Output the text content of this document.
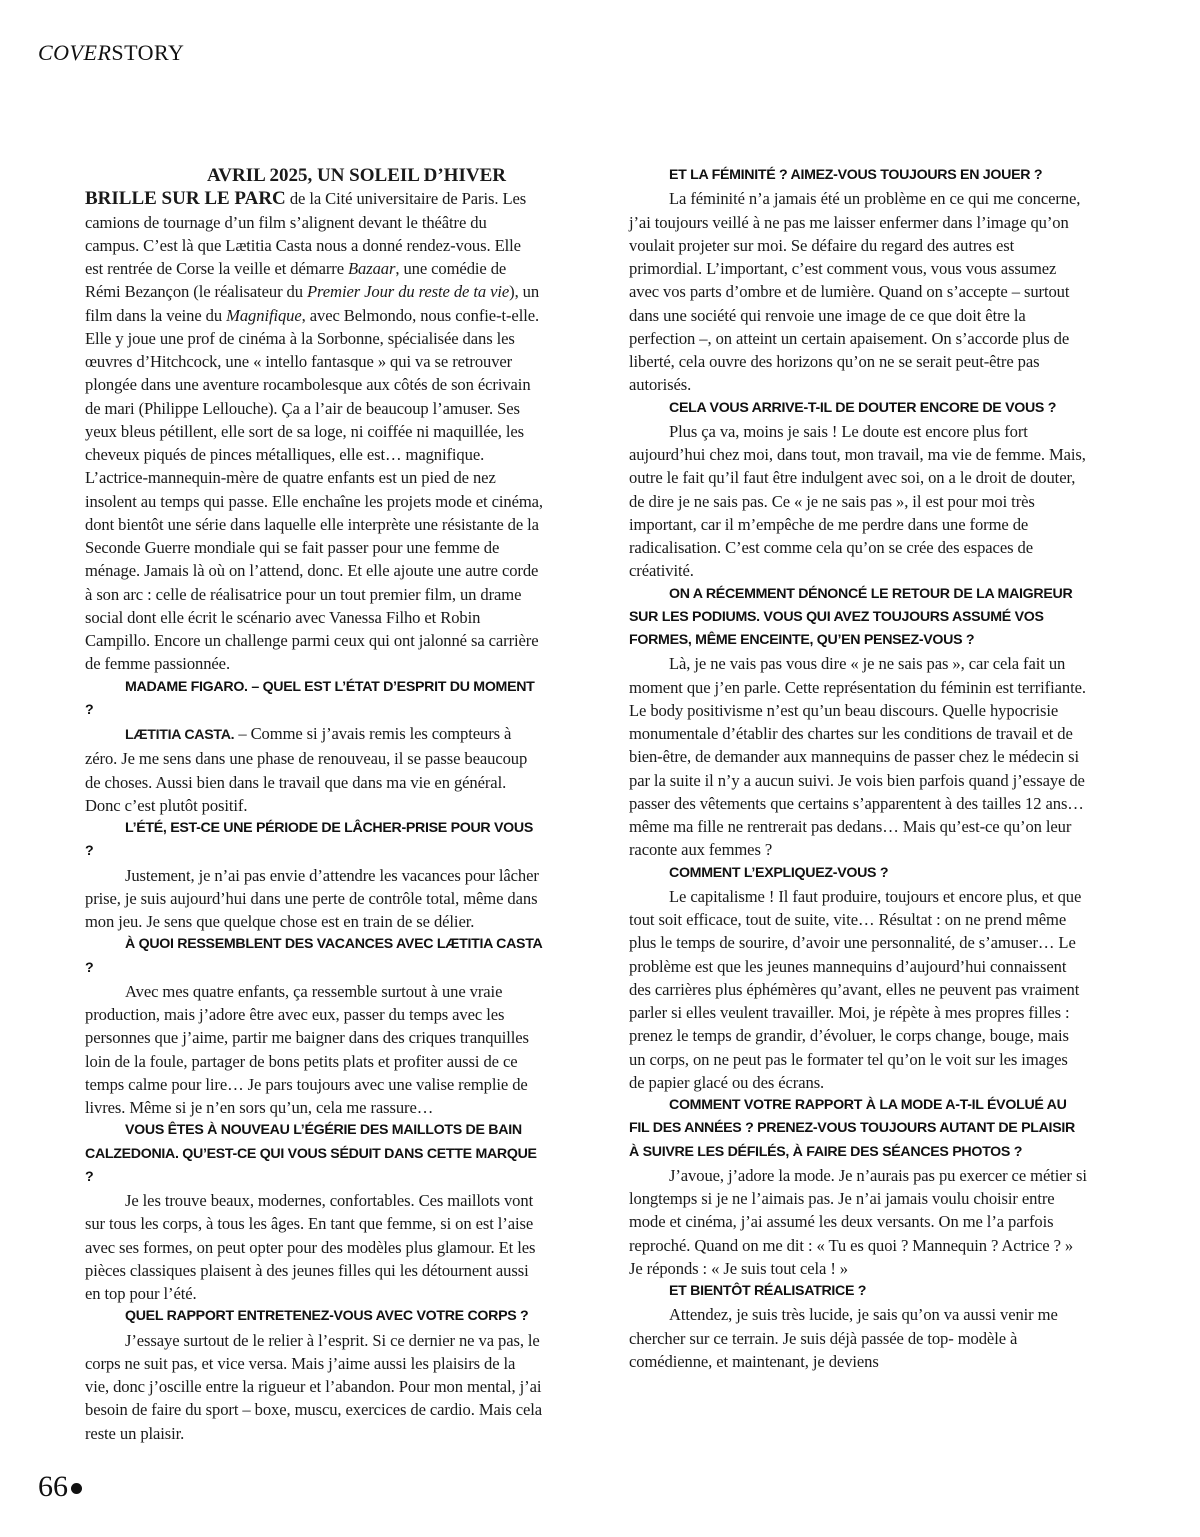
COVERSTORY

AVRIL 2025, UN SOLEIL D’HIVER

BRILLE SUR LE PARC de la Cité universitaire de Paris. Les camions de tournage d’un film s’alignent devant le théâtre du campus. C’est là que Lætitia Casta nous a donné rendez-vous. Elle est rentrée de Corse la veille et démarre Bazaar, une comédie de Rémi Bezançon (le réalisateur du Premier Jour du reste de ta vie), un film dans la veine du Magnifique, avec Belmondo, nous confie-t-elle. Elle y joue une prof de cinéma à la Sorbonne, spécialisée dans les œuvres d’Hitchcock, une « intello fantasque » qui va se retrouver plongée dans une aventure rocambolesque aux côtés de son écrivain de mari (Philippe Lellouche). Ça a l’air de beaucoup l’amuser. Ses yeux bleus pétillent, elle sort de sa loge, ni coiffée ni maquillée, les cheveux piqués de pinces métalliques, elle est… magnifique. L’actrice-mannequin-mère de quatre enfants est un pied de nez insolent au temps qui passe. Elle enchaîne les projets mode et cinéma, dont bientôt une série dans laquelle elle interprète une résistante de la Seconde Guerre mondiale qui se fait passer pour une femme de ménage. Jamais là où on l’attend, donc. Et elle ajoute une autre corde à son arc : celle de réalisatrice pour un tout premier film, un drame social dont elle écrit le scénario avec Vanessa Filho et Robin Campillo. Encore un challenge parmi ceux qui ont jalonné sa carrière de femme passionnée.

MADAME FIGARO. – QUEL EST L’ÉTAT D’ESPRIT DU MOMENT ?

LÆTITIA CASTA. – Comme si j’avais remis les compteurs à zéro. Je me sens dans une phase de renouveau, il se passe beaucoup de choses. Aussi bien dans le travail que dans ma vie en général. Donc c’est plutôt positif.

L’ÉTÉ, EST-CE UNE PÉRIODE DE LÂCHER-PRISE POUR VOUS ?

Justement, je n’ai pas envie d’attendre les vacances pour lâcher prise, je suis aujourd’hui dans une perte de contrôle total, même dans mon jeu. Je sens que quelque chose est en train de se délier.

À QUOI RESSEMBLENT DES VACANCES AVEC LÆTITIA CASTA ?

Avec mes quatre enfants, ça ressemble surtout à une vraie production, mais j’adore être avec eux, passer du temps avec les personnes que j’aime, partir me baigner dans des criques tranquilles loin de la foule, partager de bons petits plats et profiter aussi de ce temps calme pour lire… Je pars toujours avec une valise remplie de livres. Même si je n’en sors qu’un, cela me rassure…

VOUS ÊTES À NOUVEAU L’ÉGÉRIE DES MAILLOTS DE BAIN CALZEDONIA. QU’EST-CE QUI VOUS SÉDUIT DANS CETTE MARQUE ?

Je les trouve beaux, modernes, confortables. Ces maillots vont sur tous les corps, à tous les âges. En tant que femme, si on est l’aise avec ses formes, on peut opter pour des modèles plus glamour. Et les pièces classiques plaisent à des jeunes filles qui les détournent aussi en top pour l’été.

QUEL RAPPORT ENTRETENEZ-VOUS AVEC VOTRE CORPS ?

J’essaye surtout de le relier à l’esprit. Si ce dernier ne va pas, le corps ne suit pas, et vice versa. Mais j’aime aussi les plaisirs de la vie, donc j’oscille entre la rigueur et l’abandon. Pour mon mental, j’ai besoin de faire du sport – boxe, muscu, exercices de cardio. Mais cela reste un plaisir.

ET LA FÉMINITÉ ? AIMEZ-VOUS TOUJOURS EN JOUER ?

La féminité n’a jamais été un problème en ce qui me concerne, j’ai toujours veillé à ne pas me laisser enfermer dans l’image qu’on voulait projeter sur moi. Se défaire du regard des autres est primordial. L’important, c’est comment vous, vous vous assumez avec vos parts d’ombre et de lumière. Quand on s’accepte – surtout dans une société qui renvoie une image de ce que doit être la perfection –, on atteint un certain apaisement. On s’accorde plus de liberté, cela ouvre des horizons qu’on ne se serait peut-être pas autorisés.

CELA VOUS ARRIVE-T-IL DE DOUTER ENCORE DE VOUS ?

Plus ça va, moins je sais ! Le doute est encore plus fort aujourd’hui chez moi, dans tout, mon travail, ma vie de femme. Mais, outre le fait qu’il faut être indulgent avec soi, on a le droit de douter, de dire je ne sais pas. Ce « je ne sais pas », il est pour moi très important, car il m’empêche de me perdre dans une forme de radicalisation. C’est comme cela qu’on se crée des espaces de créativité.

ON A RÉCEMMENT DÉNONCÉ LE RETOUR DE LA MAIGREUR SUR LES PODIUMS. VOUS QUI AVEZ TOUJOURS ASSUMÉ VOS FORMES, MÊME ENCEINTE, QU’EN PENSEZ-VOUS ?

Là, je ne vais pas vous dire « je ne sais pas », car cela fait un moment que j’en parle. Cette représentation du féminin est terrifiante. Le body positivisme n’est qu’un beau discours. Quelle hypocrisie monumentale d’établir des chartes sur les conditions de travail et de bien-être, de demander aux mannequins de passer chez le médecin si par la suite il n’y a aucun suivi. Je vois bien parfois quand j’essaye de passer des vêtements que certains s’apparentent à des tailles 12 ans… même ma fille ne rentrerait pas dedans… Mais qu’est-ce qu’on leur raconte aux femmes ?

COMMENT L’EXPLIQUEZ-VOUS ?

Le capitalisme ! Il faut produire, toujours et encore plus, et que tout soit efficace, tout de suite, vite… Résultat : on ne prend même plus le temps de sourire, d’avoir une personnalité, de s’amuser… Le problème est que les jeunes mannequins d’aujourd’hui connaissent des carrières plus éphémères qu’avant, elles ne peuvent pas vraiment parler si elles veulent travailler. Moi, je répète à mes propres filles : prenez le temps de grandir, d’évoluer, le corps change, bouge, mais un corps, on ne peut pas le formater tel qu’on le voit sur les images de papier glacé ou des écrans.

COMMENT VOTRE RAPPORT À LA MODE A-T-IL ÉVOLUÉ AU FIL DES ANNÉES ? PRENEZ-VOUS TOUJOURS AUTANT DE PLAISIR À SUIVRE LES DÉFILÉS, À FAIRE DES SÉANCES PHOTOS ?

J’avoue, j’adore la mode. Je n’aurais pas pu exercer ce métier si longtemps si je ne l’aimais pas. Je n’ai jamais voulu choisir entre mode et cinéma, j’ai assumé les deux versants. On me l’a parfois reproché. Quand on me dit : « Tu es quoi ? Mannequin ? Actrice ? » Je réponds : « Je suis tout cela ! »

ET BIENTÔT RÉALISATRICE ?

Attendez, je suis très lucide, je sais qu’on va aussi venir me chercher sur ce terrain. Je suis déjà passée de top- modèle à comédienne, et maintenant, je deviens

66
